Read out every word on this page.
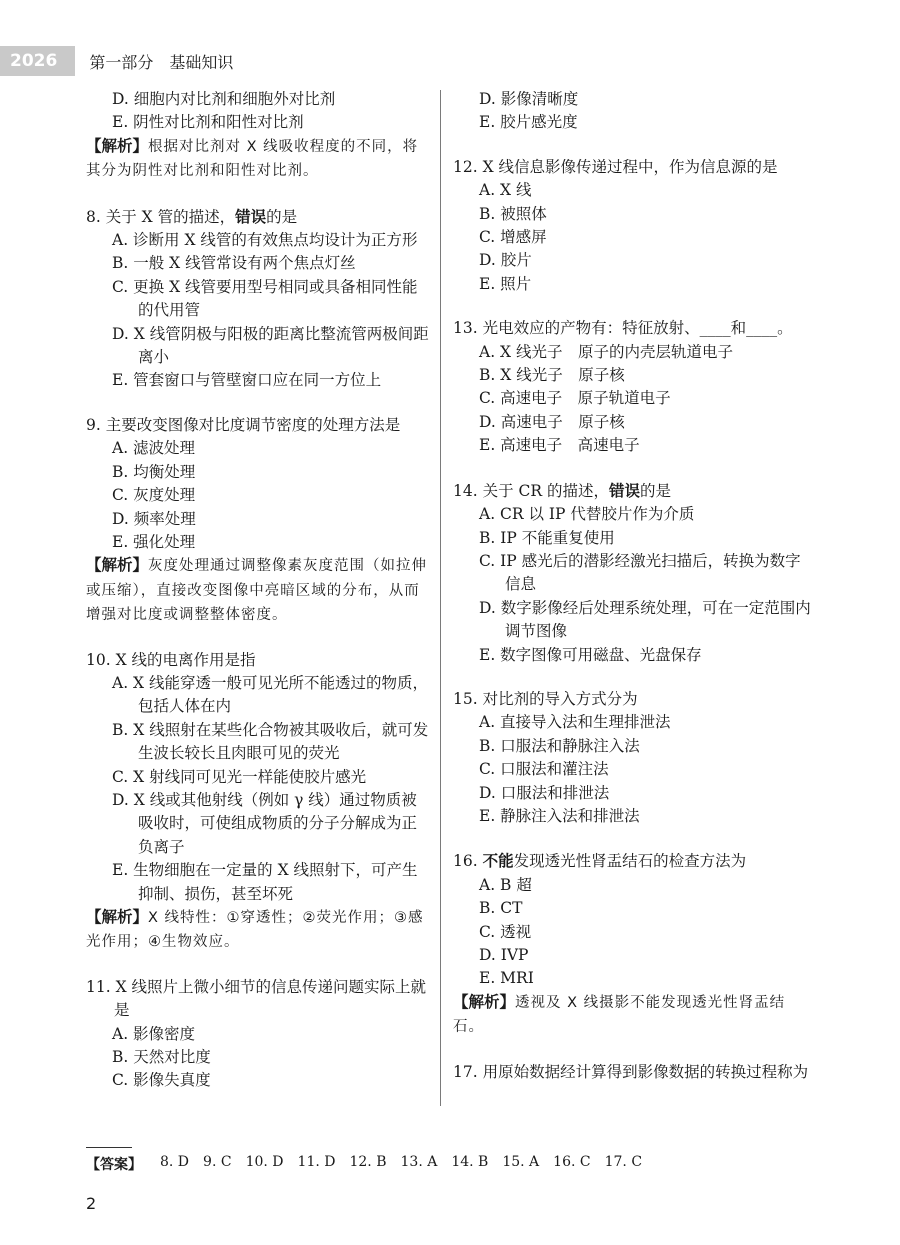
2026	第一部分　基础知识
D. 细胞内对比剂和细胞外对比剂
E. 阴性对比剂和阳性对比剂
【解析】根据对比剂对 X 线吸收程度的不同，将其分为阴性对比剂和阳性对比剂。
8. 关于 X 管的描述，错误的是
A. 诊断用 X 线管的有效焦点均设计为正方形
B. 一般 X 线管常设有两个焦点灯丝
C. 更换 X 线管要用型号相同或具备相同性能的代用管
D. X 线管阴极与阳极的距离比整流管两极间距离小
E. 管套窗口与管壁窗口应在同一方位上
9. 主要改变图像对比度调节密度的处理方法是
A. 滤波处理
B. 均衡处理
C. 灰度处理
D. 频率处理
E. 强化处理
【解析】灰度处理通过调整像素灰度范围（如拉伸或压缩），直接改变图像中亮暗区域的分布，从而增强对比度或调整整体密度。
10. X 线的电离作用是指
A. X 线能穿透一般可见光所不能透过的物质，包括人体在内
B. X 线照射在某些化合物被其吸收后，就可发生波长较长且肉眼可见的荧光
C. X 射线同可见光一样能使胶片感光
D. X 线或其他射线（例如 γ 线）通过物质被吸收时，可使组成物质的分子分解成为正负离子
E. 生物细胞在一定量的 X 线照射下，可产生抑制、损伤，甚至坏死
【解析】X 线特性：①穿透性；②荧光作用；③感光作用；④生物效应。
11. X 线照片上微小细节的信息传递问题实际上就是
A. 影像密度
B. 天然对比度
C. 影像失真度
D. 影像清晰度
E. 胶片感光度
12. X 线信息影像传递过程中，作为信息源的是
A. X 线
B. 被照体
C. 增感屏
D. 胶片
E. 照片
13. 光电效应的产物有：特征放射、____和____。
A. X 线光子　原子的内壳层轨道电子
B. X 线光子　原子核
C. 高速电子　原子轨道电子
D. 高速电子　原子核
E. 高速电子　高速电子
14. 关于 CR 的描述，错误的是
A. CR 以 IP 代替胶片作为介质
B. IP 不能重复使用
C. IP 感光后的潜影经激光扫描后，转换为数字信息
D. 数字影像经后处理系统处理，可在一定范围内调节图像
E. 数字图像可用磁盘、光盘保存
15. 对比剂的导入方式分为
A. 直接导入法和生理排泄法
B. 口服法和静脉注入法
C. 口服法和灌注法
D. 口服法和排泄法
E. 静脉注入法和排泄法
16. 不能发现透光性肾盂结石的检查方法为
A. B 超
B. CT
C. 透视
D. IVP
E. MRI
【解析】透视及 X 线摄影不能发现透光性肾盂结石。
17. 用原始数据经计算得到影像数据的转换过程称为
【答案】 8. D 9. C 10. D 11. D 12. B 13. A 14. B 15. A 16. C 17. C
2
